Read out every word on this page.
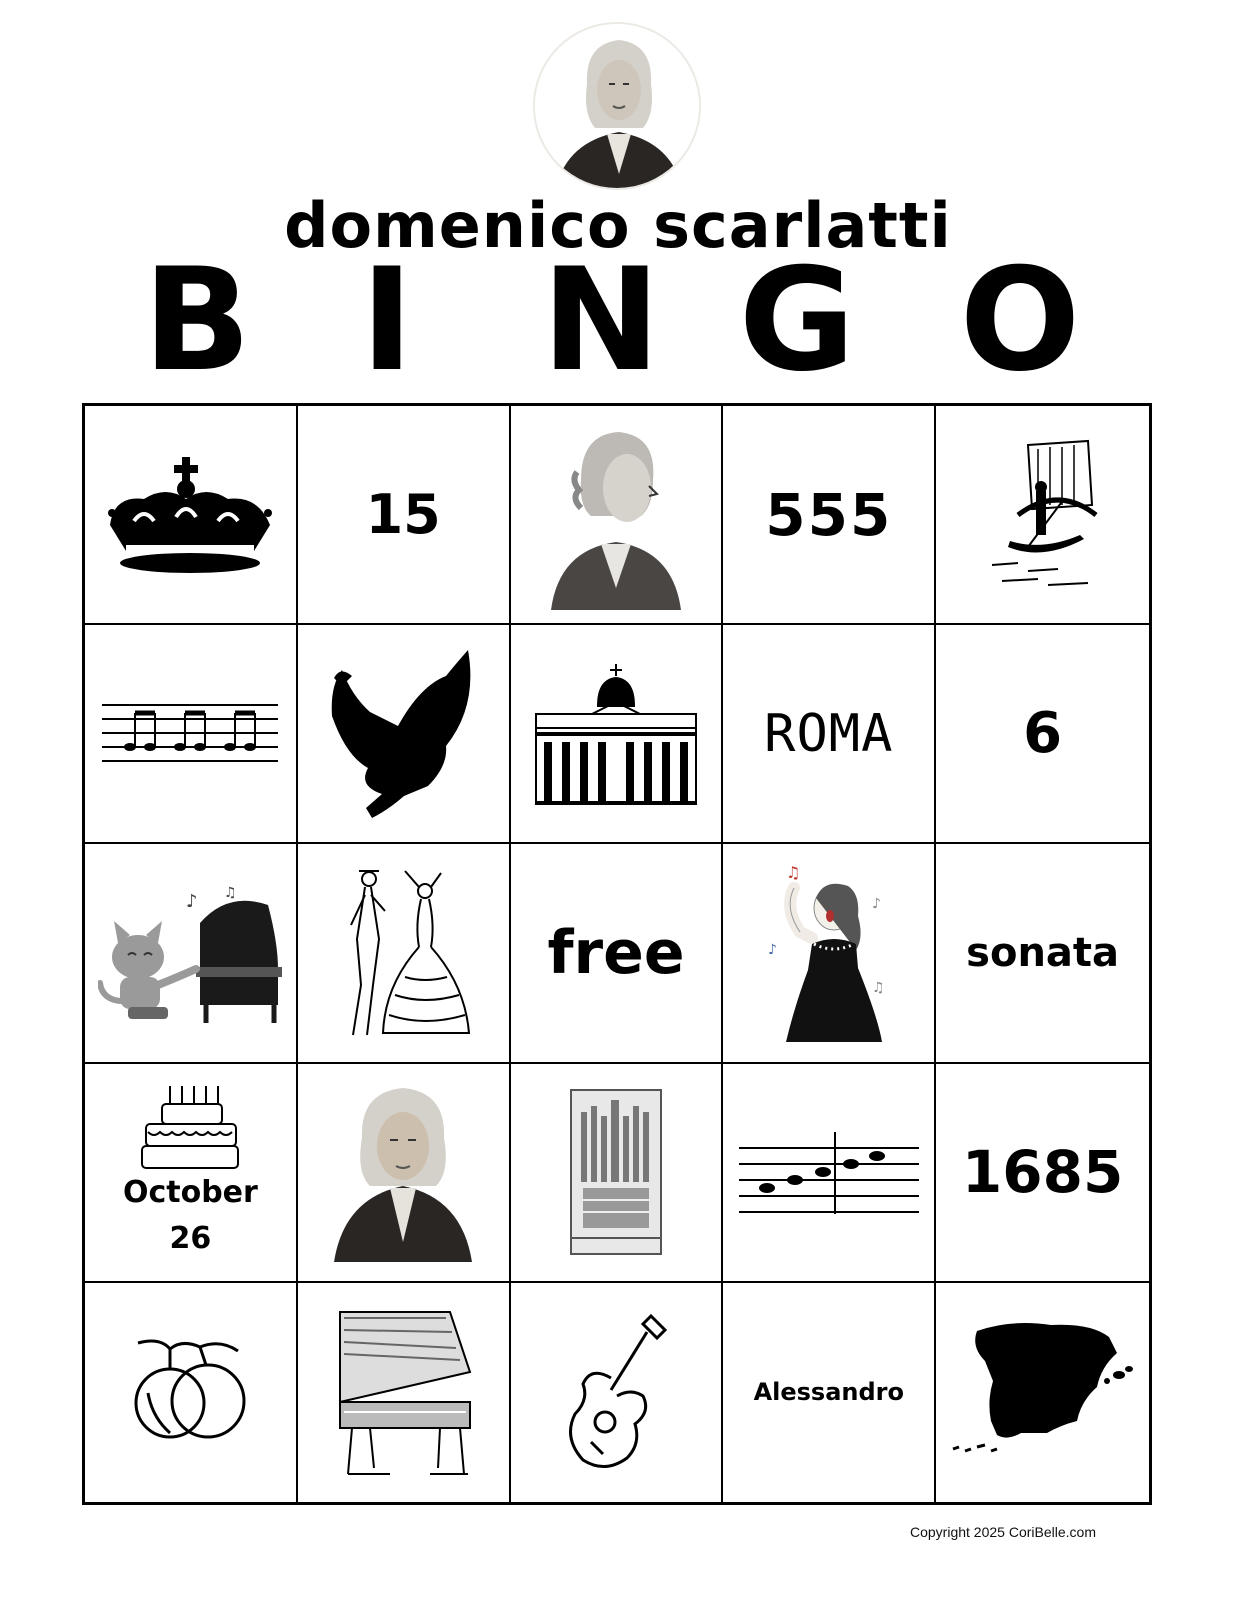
domenico scarlatti
B I N G O
15	555
ROMA 6
♪ ♫
free
♫
♪
♪
♫
sonata
October
26
1685
Alessandro
Copyright 2025 CoriBelle.com
